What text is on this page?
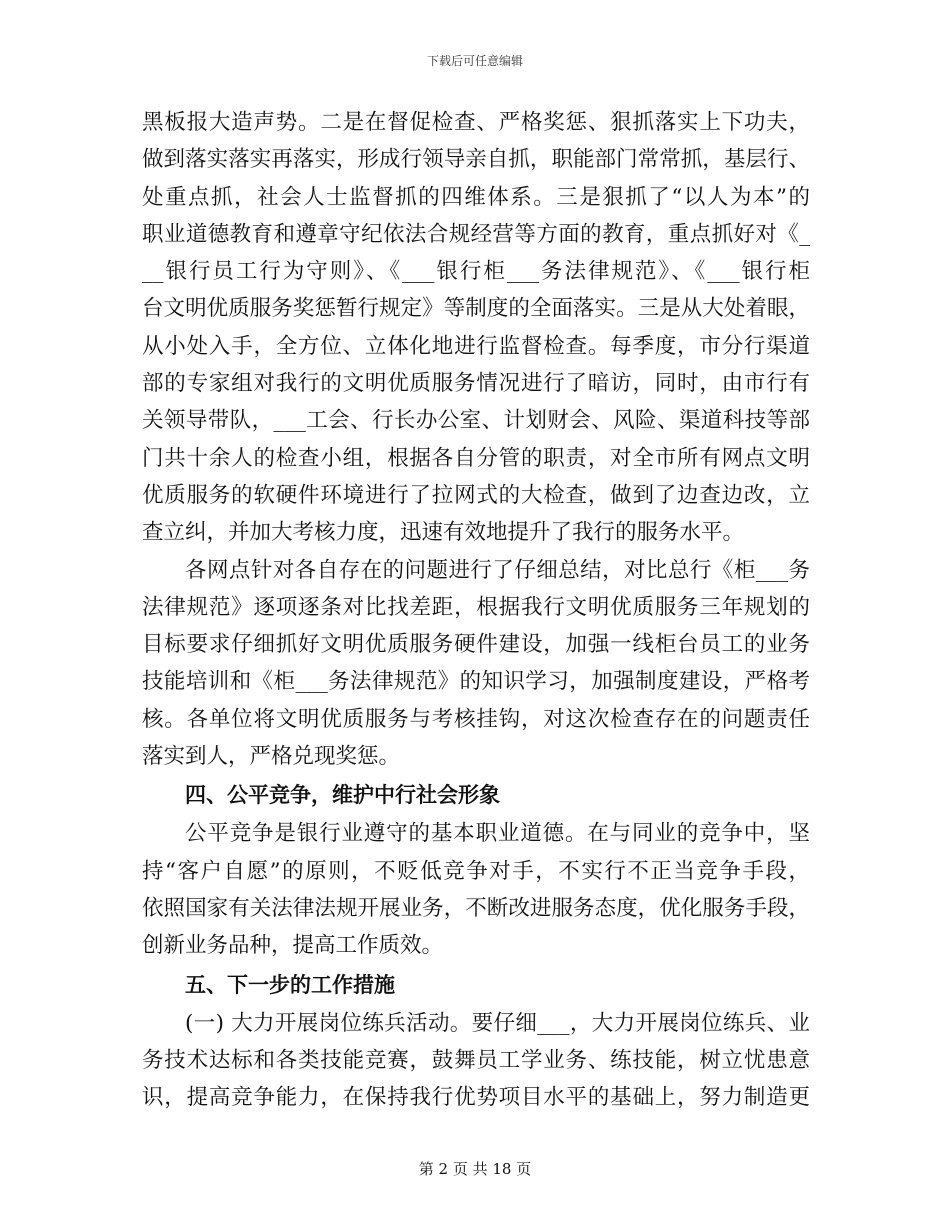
下载后可任意编辑
黑板报大造声势。二是在督促检查、严格奖惩、狠抓落实上下功夫，
做到落实落实再落实，形成行领导亲自抓，职能部门常常抓，基层行、
处重点抓，社会人士监督抓的四维体系。三是狠抓了“以人为本”的
职业道德教育和遵章守纪依法合规经营等方面的教育，重点抓好对《_
__银行员工行为守则》、《___银行柜___务法律规范》、《___银行柜
台文明优质服务奖惩暂行规定》等制度的全面落实。三是从大处着眼，
从小处入手，全方位、立体化地进行监督检查。每季度，市分行渠道
部的专家组对我行的文明优质服务情况进行了暗访，同时，由市行有
关领导带队，___工会、行长办公室、计划财会、风险、渠道科技等部
门共十余人的检查小组，根据各自分管的职责，对全市所有网点文明
优质服务的软硬件环境进行了拉网式的大检查，做到了边查边改，立
查立纠，并加大考核力度，迅速有效地提升了我行的服务水平。
各网点针对各自存在的问题进行了仔细总结，对比总行《柜___务
法律规范》逐项逐条对比找差距，根据我行文明优质服务三年规划的
目标要求仔细抓好文明优质服务硬件建设，加强一线柜台员工的业务
技能培训和《柜___务法律规范》的知识学习，加强制度建设，严格考
核。各单位将文明优质服务与考核挂钩，对这次检查存在的问题责任
落实到人，严格兑现奖惩。
四、公平竞争，维护中行社会形象
公平竞争是银行业遵守的基本职业道德。在与同业的竞争中，坚
持“客户自愿”的原则，不贬低竞争对手，不实行不正当竞争手段，
依照国家有关法律法规开展业务，不断改进服务态度，优化服务手段，
创新业务品种，提高工作质效。
五、下一步的工作措施
(一) 大力开展岗位练兵活动。要仔细___，大力开展岗位练兵、业
务技术达标和各类技能竞赛，鼓舞员工学业务、练技能，树立忧患意
识，提高竞争能力，在保持我行优势项目水平的基础上，努力制造更
第 2 页 共 18 页
